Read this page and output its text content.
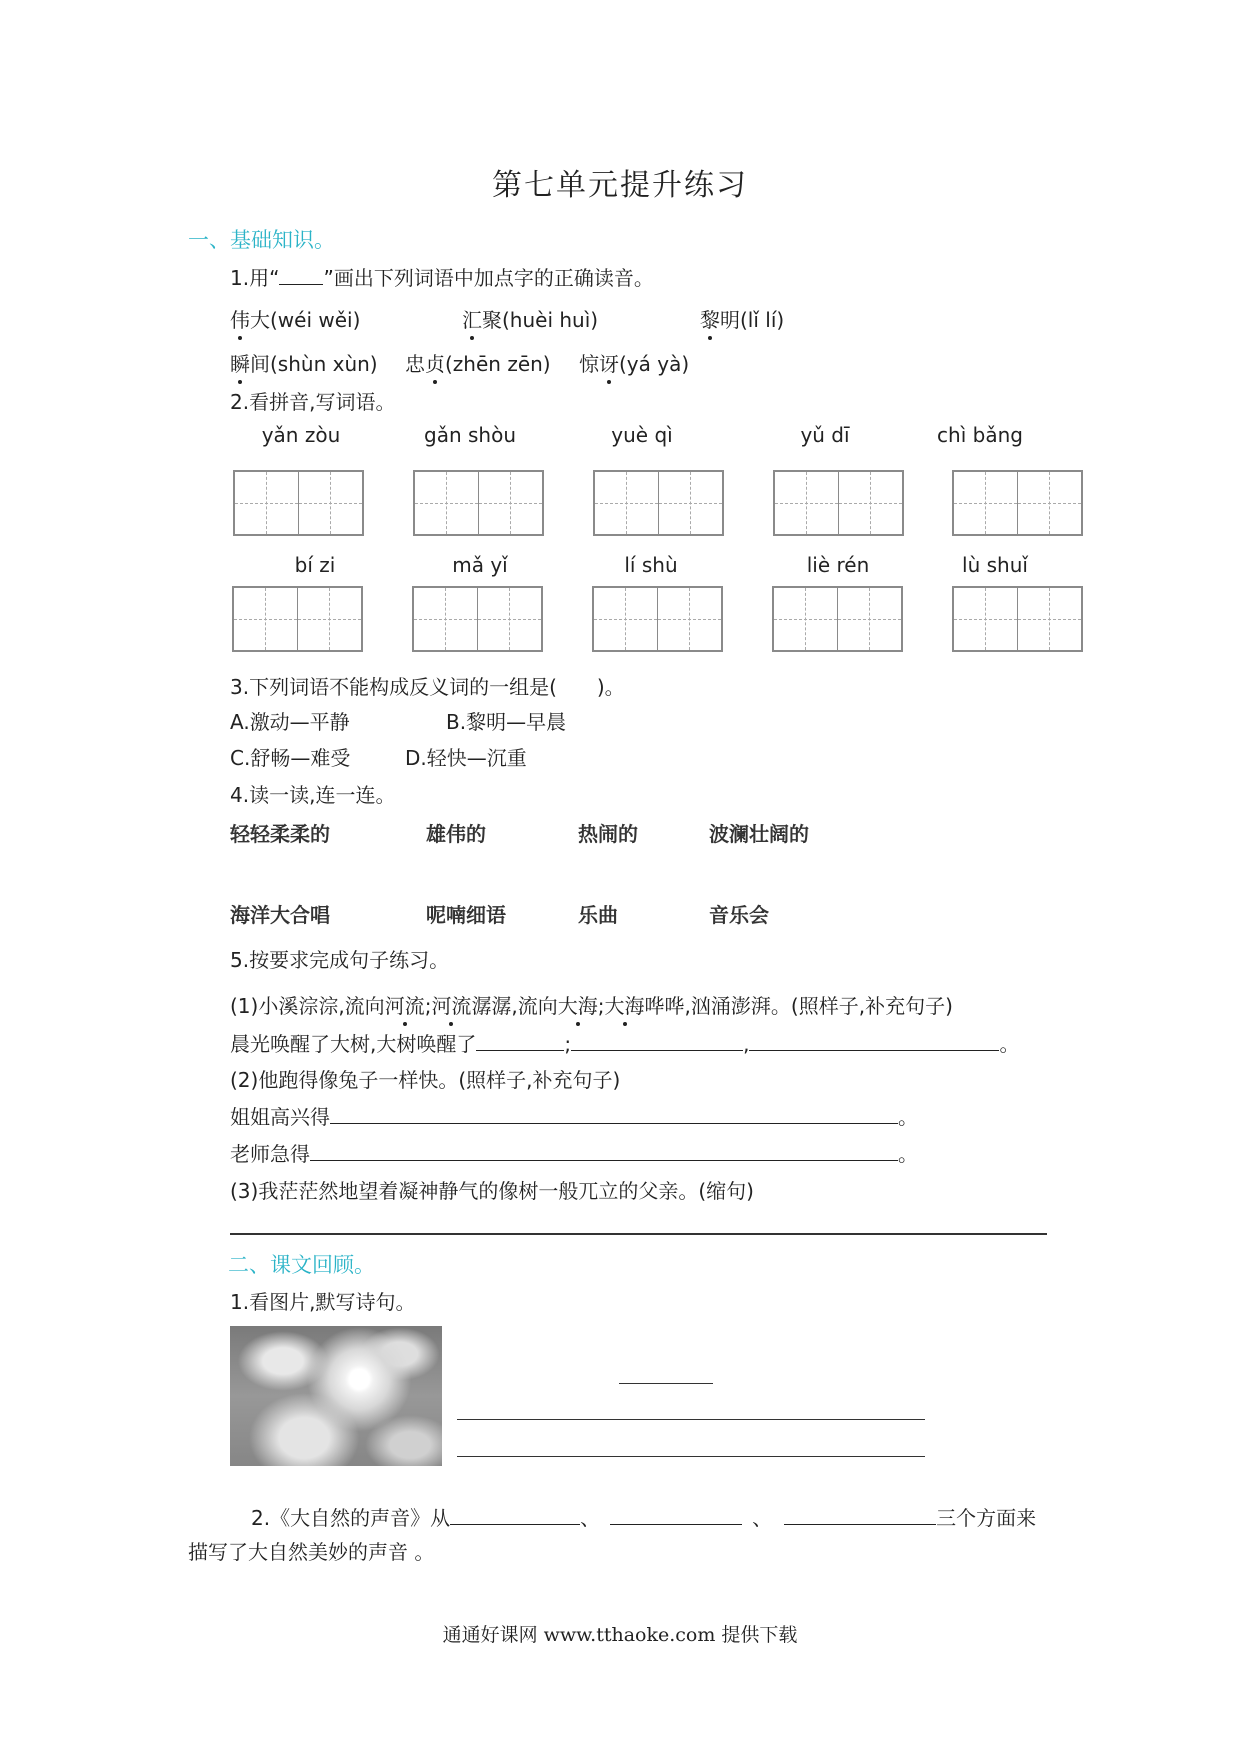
第七单元提升练习
一、基础知识。
1.用“ ”画出下列词语中加点字的正确读音。
伟大(wéi wěi)	汇聚(huèi huì)	黎明(lǐ lí)
瞬间(shùn xùn) 忠贞(zhēn zēn) 惊讶(yá yà)
2.看拼音,写词语。
yǎn zòu	gǎn shòu	yuè qì	yǔ dī	chì bǎng
bí zi	mǎ yǐ	lí shù	liè rén	lù shuǐ
3.下列词语不能构成反义词的一组是(　　)。
A.激动—平静	B.黎明—早晨
C.舒畅—难受	D.轻快—沉重
4.读一读,连一连。
轻轻柔柔的	雄伟的	热闹的	波澜壮阔的
海洋大合唱	呢喃细语	乐曲	音乐会
5.按要求完成句子练习。
(1)小溪淙淙,流向河流;河流潺潺,流向大海;大海哗哗,汹涌澎湃。(照样子,补充句子)
晨光唤醒了大树,大树唤醒了	;	,	。
(2)他跑得像兔子一样快。(照样子,补充句子)
姐姐高兴得	。
老师急得	。
(3)我茫茫然地望着凝神静气的像树一般兀立的父亲。(缩句)
二、课文回顾。
1.看图片,默写诗句。
2.《大自然的声音》从	、	、	三个方面来
描写了大自然美妙的声音 。
通通好课网 www.tthaoke.com 提供下载
